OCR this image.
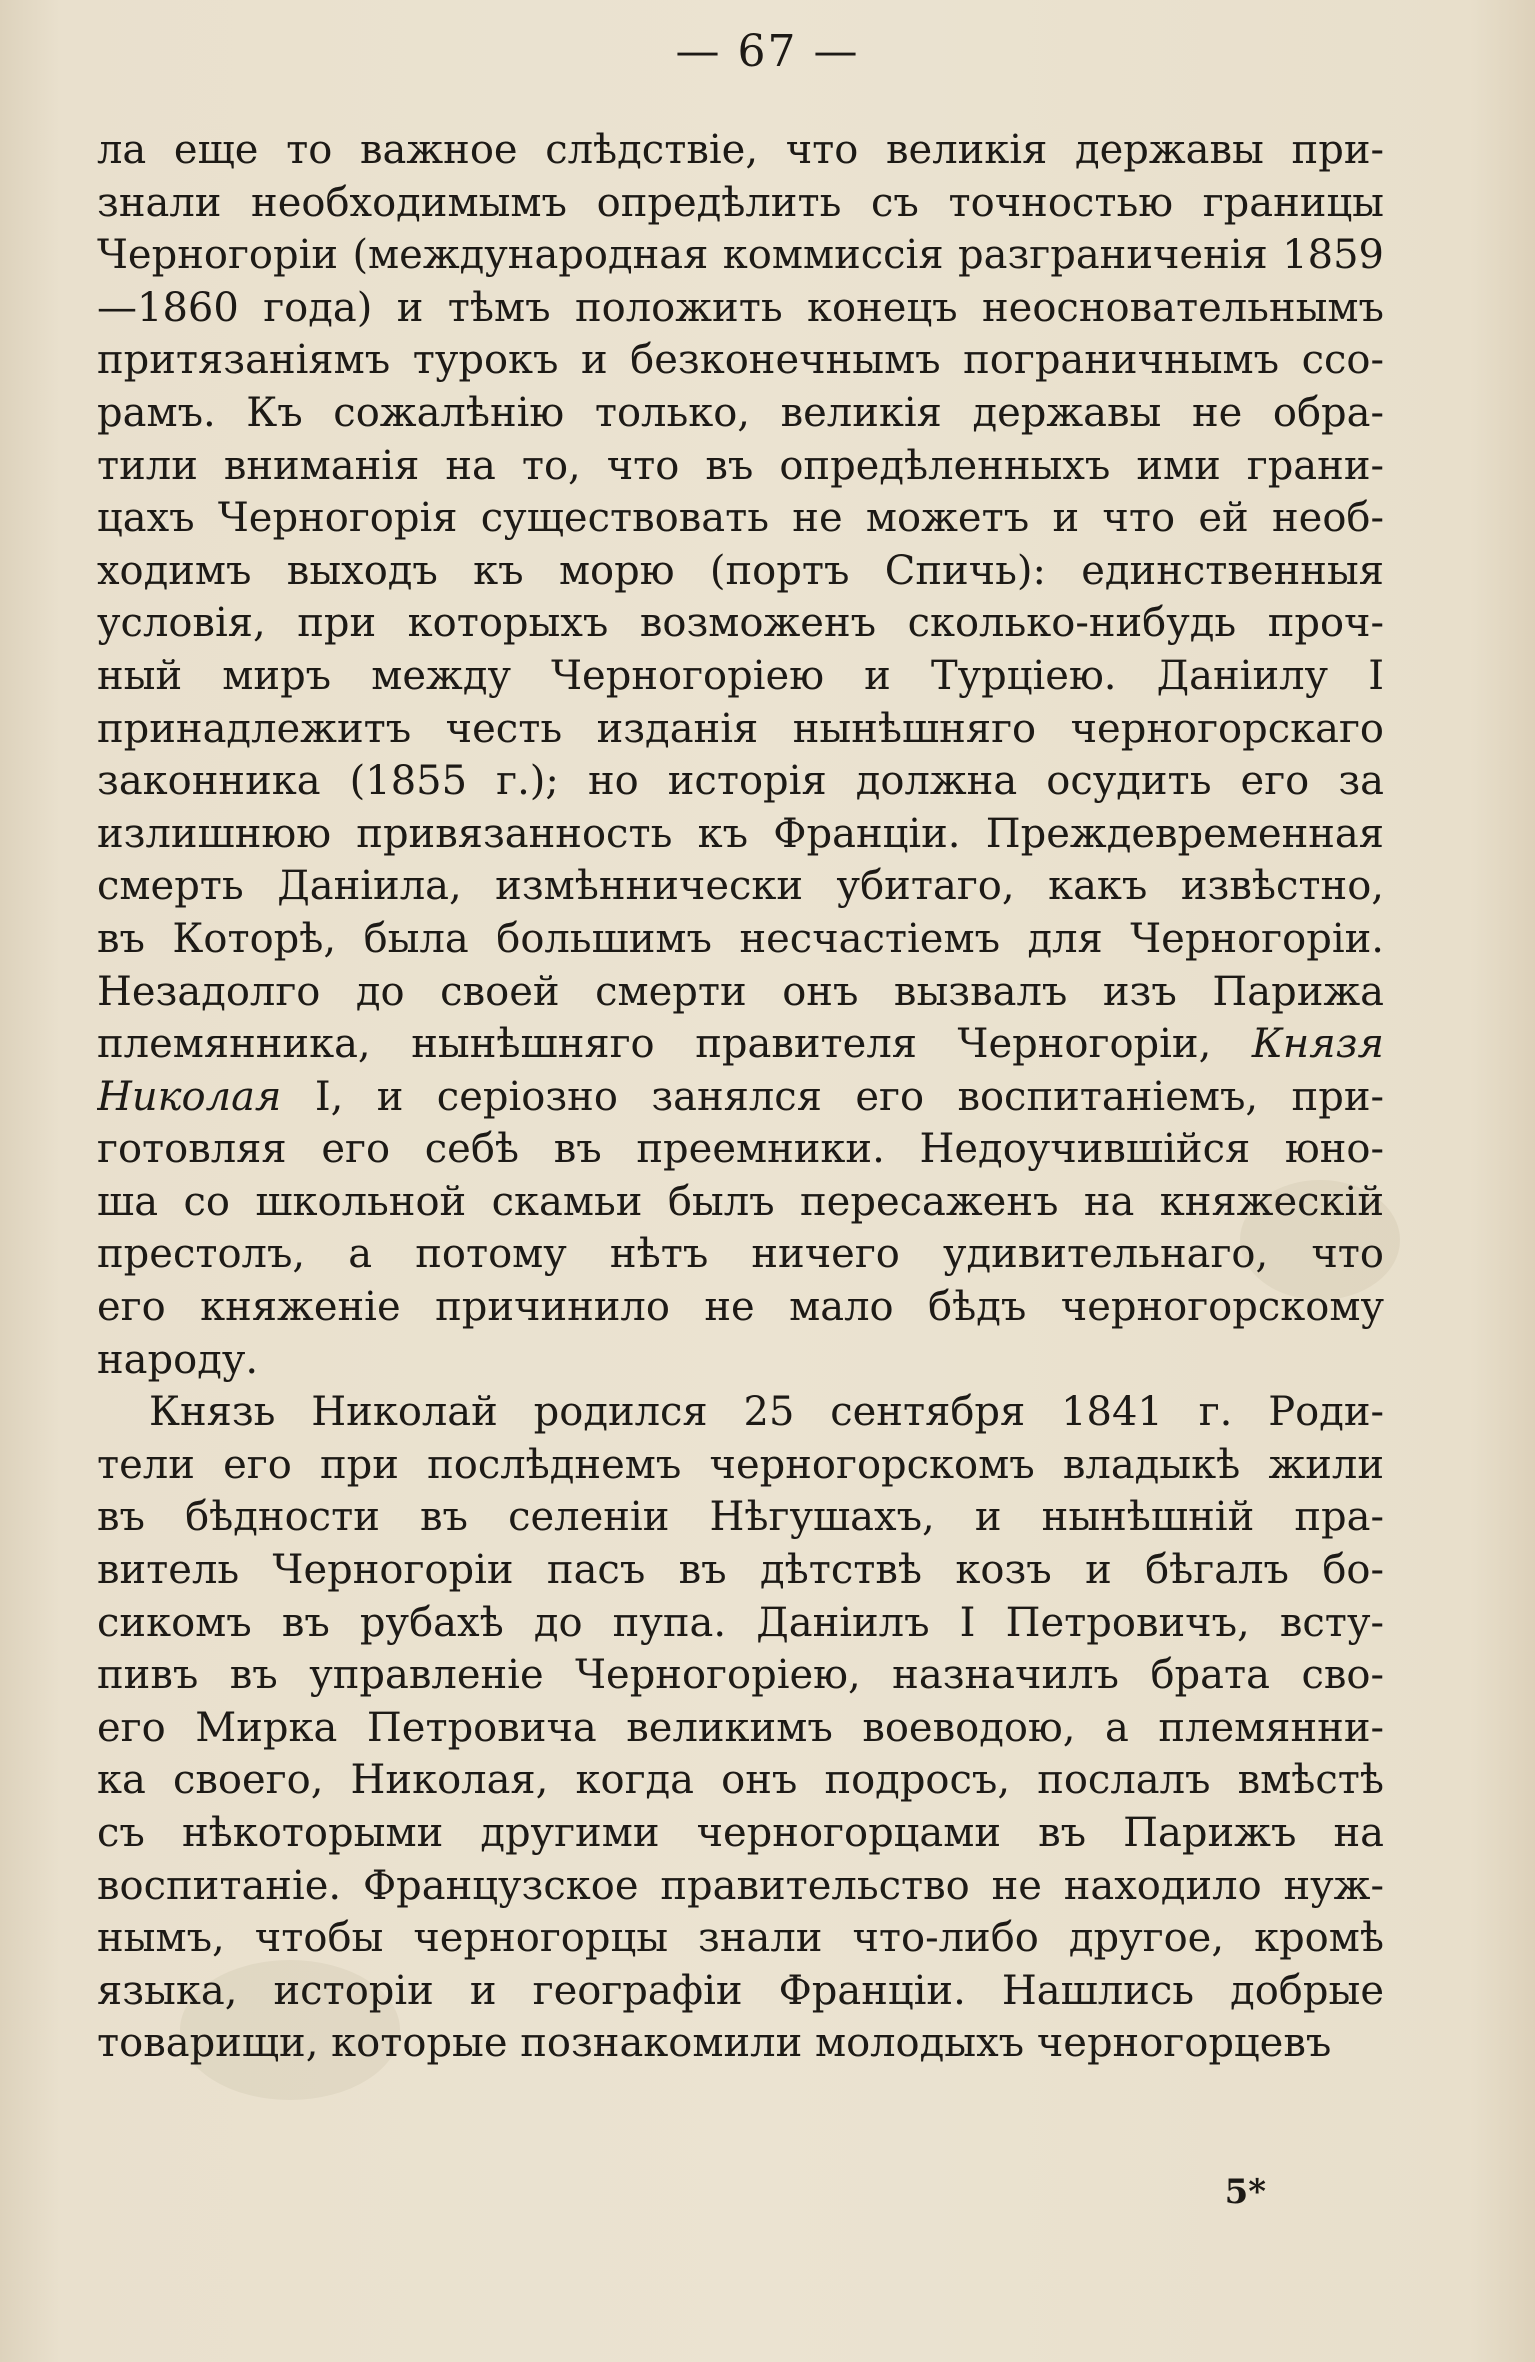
— 67 —
ла еще то важное слѣдствіе, что великія державы при-
знали необходимымъ опредѣлить съ точностью границы
Черногоріи (международная коммиссія разграниченія 1859
—1860 года) и тѣмъ положить конецъ неосновательнымъ
притязаніямъ турокъ и безконечнымъ пограничнымъ ссо-
рамъ. Къ сожалѣнію только, великія державы не обра-
тили вниманія на то, что въ опредѣленныхъ ими грани-
цахъ Черногорія существовать не можетъ и что ей необ-
ходимъ выходъ къ морю (портъ Спичь): единственныя
условія, при которыхъ возможенъ сколько-нибудь проч-
ный миръ между Черногоріею и Турціею. Даніилу I
принадлежитъ честь изданія нынѣшняго черногорскаго
законника (1855 г.); но исторія должна осудить его за
излишнюю привязанность къ Франціи. Преждевременная
смерть Даніила, измѣннически убитаго, какъ извѣстно,
въ Которѣ, была большимъ несчастіемъ для Черногоріи.
Незадолго до своей смерти онъ вызвалъ изъ Парижа
племянника, нынѣшняго правителя Черногоріи, Князя
Николая I, и серіозно занялся его воспитаніемъ, при-
готовляя его себѣ въ преемники. Недоучившійся юно-
ша со школьной скамьи былъ пересаженъ на княжескій
престолъ, а потому нѣтъ ничего удивительнаго, что
его княженіе причинило не мало бѣдъ черногорскому
народу.
Князь Николай родился 25 сентября 1841 г. Роди-
тели его при послѣднемъ черногорскомъ владыкѣ жили
въ бѣдности въ селеніи Нѣгушахъ, и нынѣшній пра-
витель Черногоріи пасъ въ дѣтствѣ козъ и бѣгалъ бо-
сикомъ въ рубахѣ до пупа. Даніилъ I Петровичъ, всту-
пивъ въ управленіе Черногоріею, назначилъ брата сво-
его Мирка Петровича великимъ воеводою, а племянни-
ка своего, Николая, когда онъ подросъ, послалъ вмѣстѣ
съ нѣкоторыми другими черногорцами въ Парижъ на
воспитаніе. Французское правительство не находило нуж-
нымъ, чтобы черногорцы знали что-либо другое, кромѣ
языка, исторіи и географіи Франціи. Нашлись добрые
товарищи, которые познакомили молодыхъ черногорцевъ
5*
